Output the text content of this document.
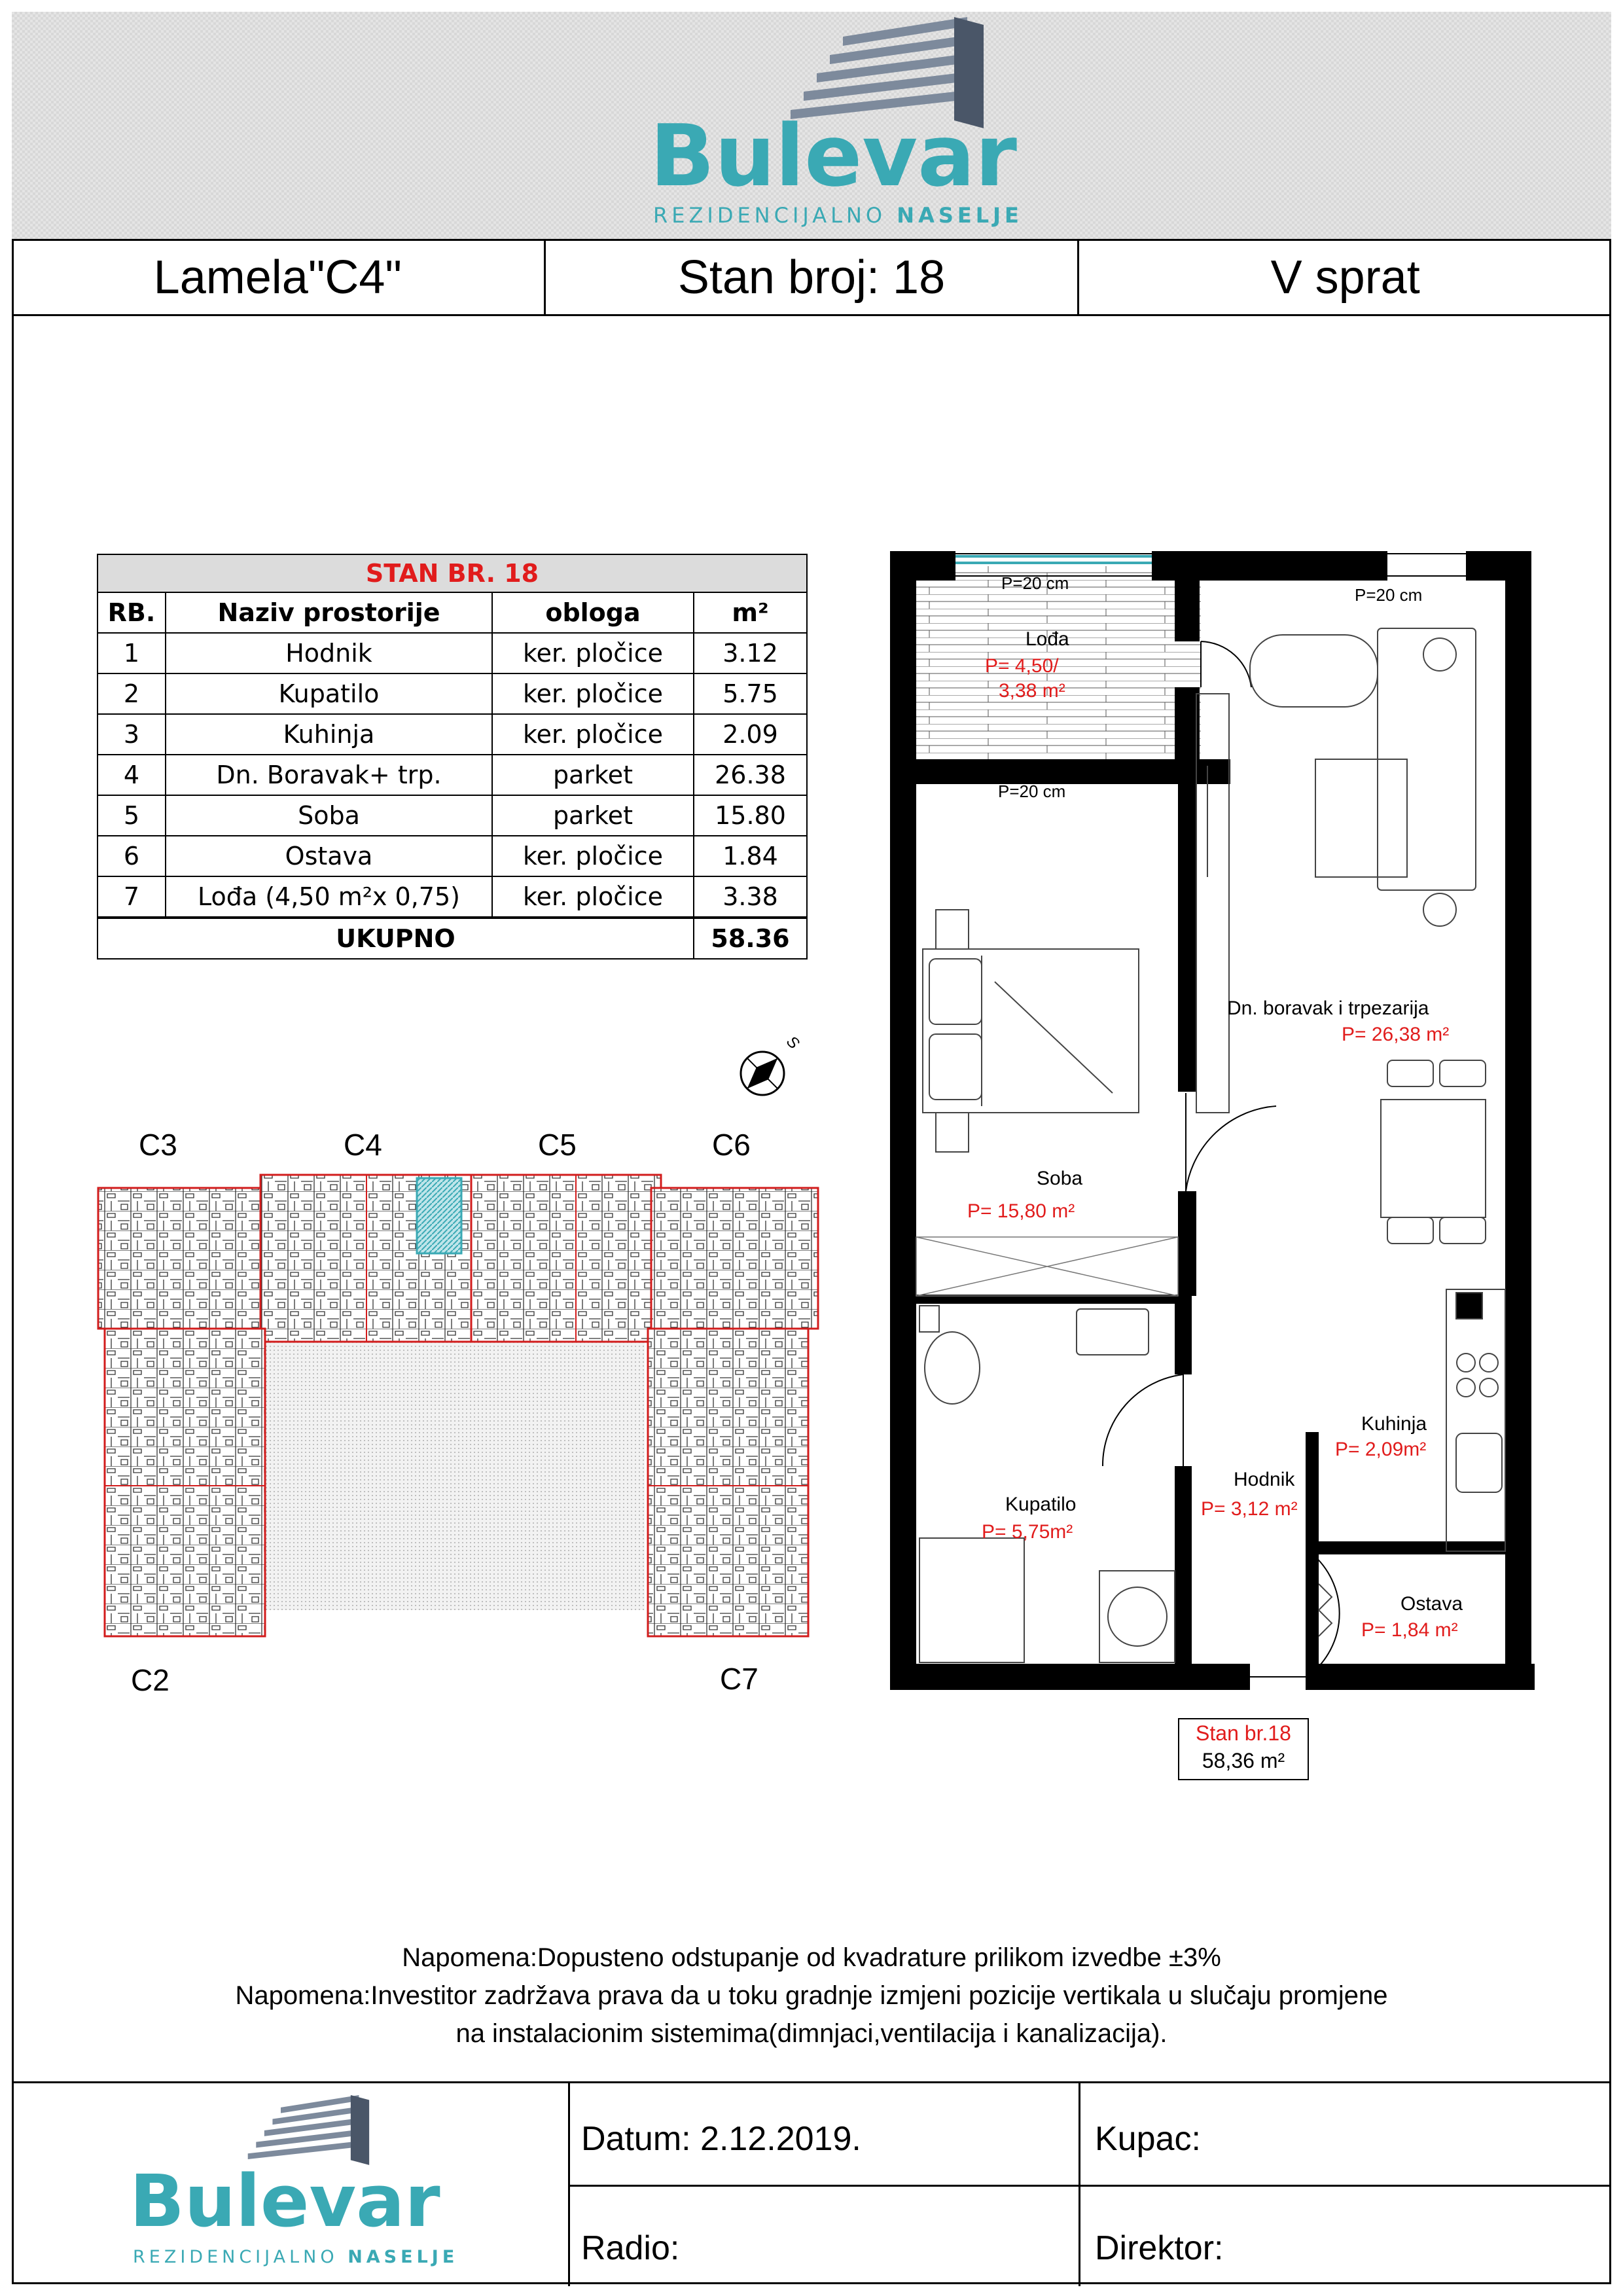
Bulevar
REZIDENCIJALNO NASELJE
Lamela"C4"	Stan broj: 18	V sprat
STAN BR. 18			
RB.	Naziv prostorije	obloga	m²
1	Hodnik	ker. pločice	3.12
2	Kupatilo	ker. pločice	5.75
3	Kuhinja	ker. pločice	2.09
4	Dn. Boravak+ trp.	parket	26.38
5	Soba	parket	15.80
6	Ostava	ker. pločice	1.84
7	Lođa (4,50 m²x 0,75)	ker. pločice	3.38
UKUPNO			58.36
S
C3	C4	C5	C6
C2	C7
P=20 cm
P=20 cm
P=20 cm
Lođa
P= 4,50/
3,38 m²
Dn. boravak i trpezarija
P= 26,38 m²
Soba
P= 15,80 m²
Kuhinja
P= 2,09m²
Kupatilo
P= 5,75m²
Hodnik
P= 3,12 m²
Ostava
P= 1,84 m²
Stan br.18
58,36 m²
Napomena:Dopusteno odstupanje od kvadrature prilikom izvedbe ±3%
Napomena:Investitor zadržava prava da u toku gradnje izmjeni pozicije vertikala u slučaju promjene
na instalacionim sistemima(dimnjaci,ventilacija i kanalizacija).
Bulevar
REZIDENCIJALNO NASELJE
Datum: 2.12.2019.	Kupac:
Radio:	Direktor:
